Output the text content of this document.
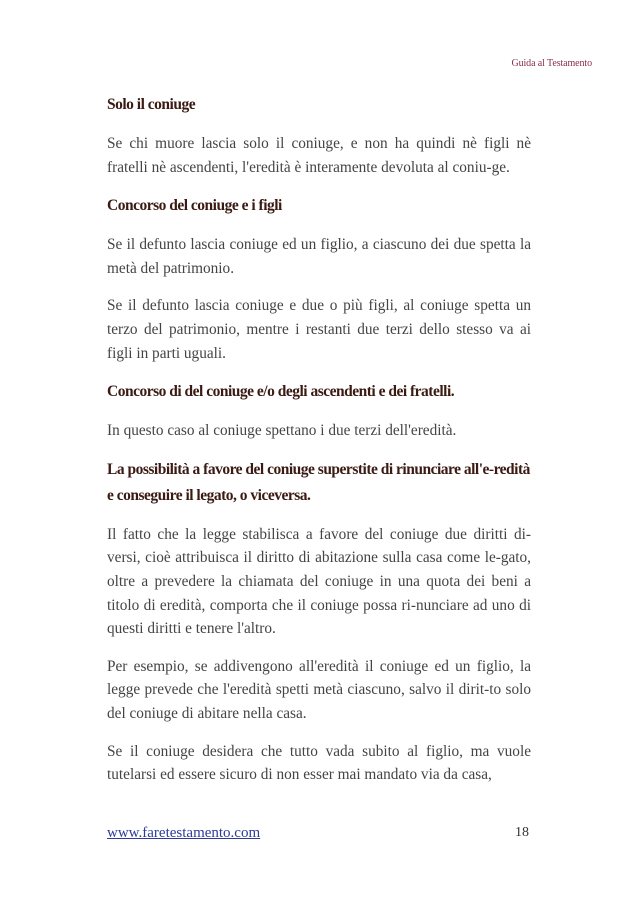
Guida al Testamento
Solo il coniuge

Se chi muore lascia solo il coniuge, e non ha quindi nè figli nè fratelli nè ascendenti, l'eredità è interamente devoluta al coniu-ge.

Concorso del coniuge e i figli

Se il defunto lascia coniuge ed un figlio, a ciascuno dei due spetta la metà del patrimonio.

Se il defunto lascia coniuge e due o più figli, al coniuge spetta un terzo del patrimonio, mentre i restanti due terzi dello stesso va ai figli in parti uguali.

Concorso di del coniuge e/o degli ascendenti e dei fratelli.

In questo caso al coniuge spettano i due terzi dell'eredità.

La possibilità a favore del coniuge superstite di rinunciare all'e-redità e conseguire il legato, o viceversa.

Il fatto che la legge stabilisca a favore del coniuge due diritti di-versi, cioè attribuisca il diritto di abitazione sulla casa come le-gato, oltre a prevedere la chiamata del coniuge in una quota dei beni a titolo di eredità, comporta che il coniuge possa ri-nunciare ad uno di questi diritti e tenere l'altro.

Per esempio, se addivengono all'eredità il coniuge ed un figlio, la legge prevede che l'eredità spetti metà ciascuno, salvo il dirit-to solo del coniuge di abitare nella casa.

Se il coniuge desidera che tutto vada subito al figlio, ma vuole tutelarsi ed essere sicuro di non esser mai mandato via da casa,

www.faretestamento.com	18
